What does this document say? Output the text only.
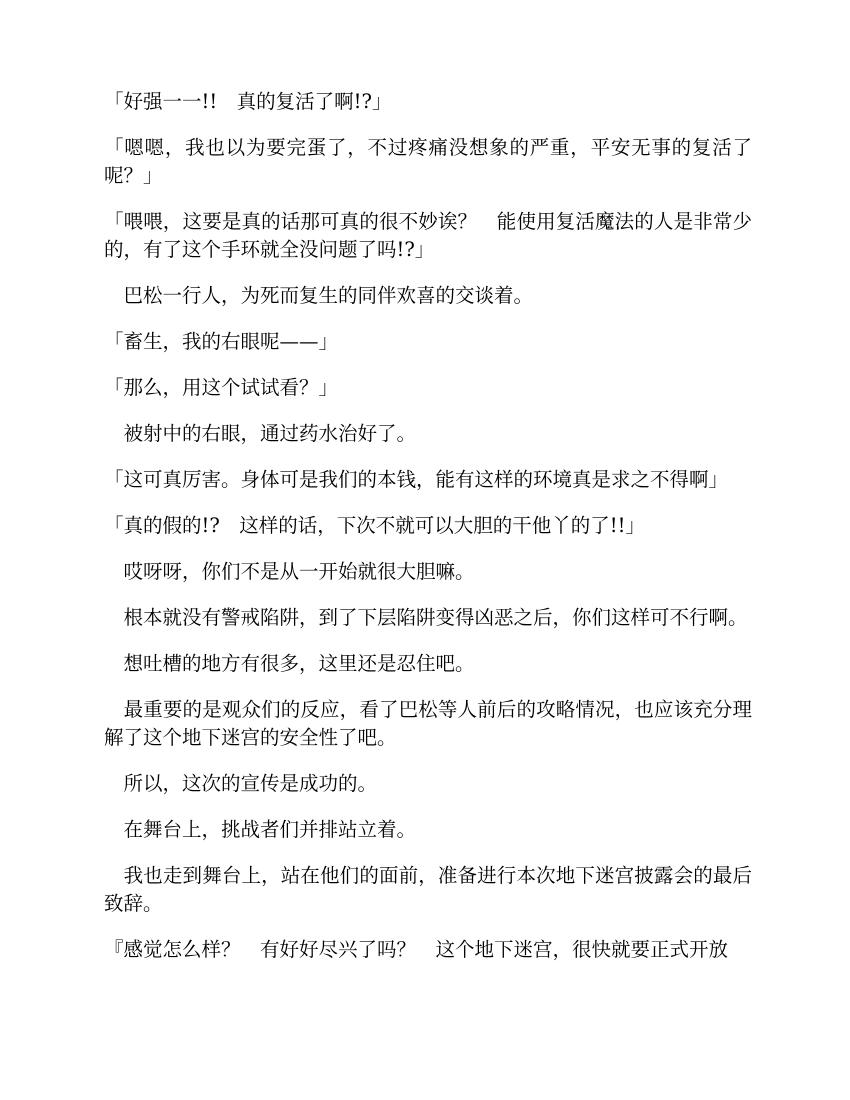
「好强一一!!　真的复活了啊!?」

「嗯嗯，我也以为要完蛋了，不过疼痛没想象的严重，平安无事的复活了呢？」

「喂喂，这要是真的话那可真的很不妙诶？　能使用复活魔法的人是非常少的，有了这个手环就全没问题了吗!?」

　巴松一行人，为死而复生的同伴欢喜的交谈着。

「畜生，我的右眼呢——」

「那么，用这个试试看？」

　被射中的右眼，通过药水治好了。

「这可真厉害。身体可是我们的本钱，能有这样的环境真是求之不得啊」

「真的假的!?　这样的话，下次不就可以大胆的干他丫的了!!」

　哎呀呀，你们不是从一开始就很大胆嘛。

　根本就没有警戒陷阱，到了下层陷阱变得凶恶之后，你们这样可不行啊。

　想吐槽的地方有很多，这里还是忍住吧。

　最重要的是观众们的反应，看了巴松等人前后的攻略情况，也应该充分理解了这个地下迷宫的安全性了吧。

　所以，这次的宣传是成功的。

　在舞台上，挑战者们并排站立着。

　我也走到舞台上，站在他们的面前，准备进行本次地下迷宫披露会的最后致辞。

『感觉怎么样？　有好好尽兴了吗？　这个地下迷宫，很快就要正式开放
